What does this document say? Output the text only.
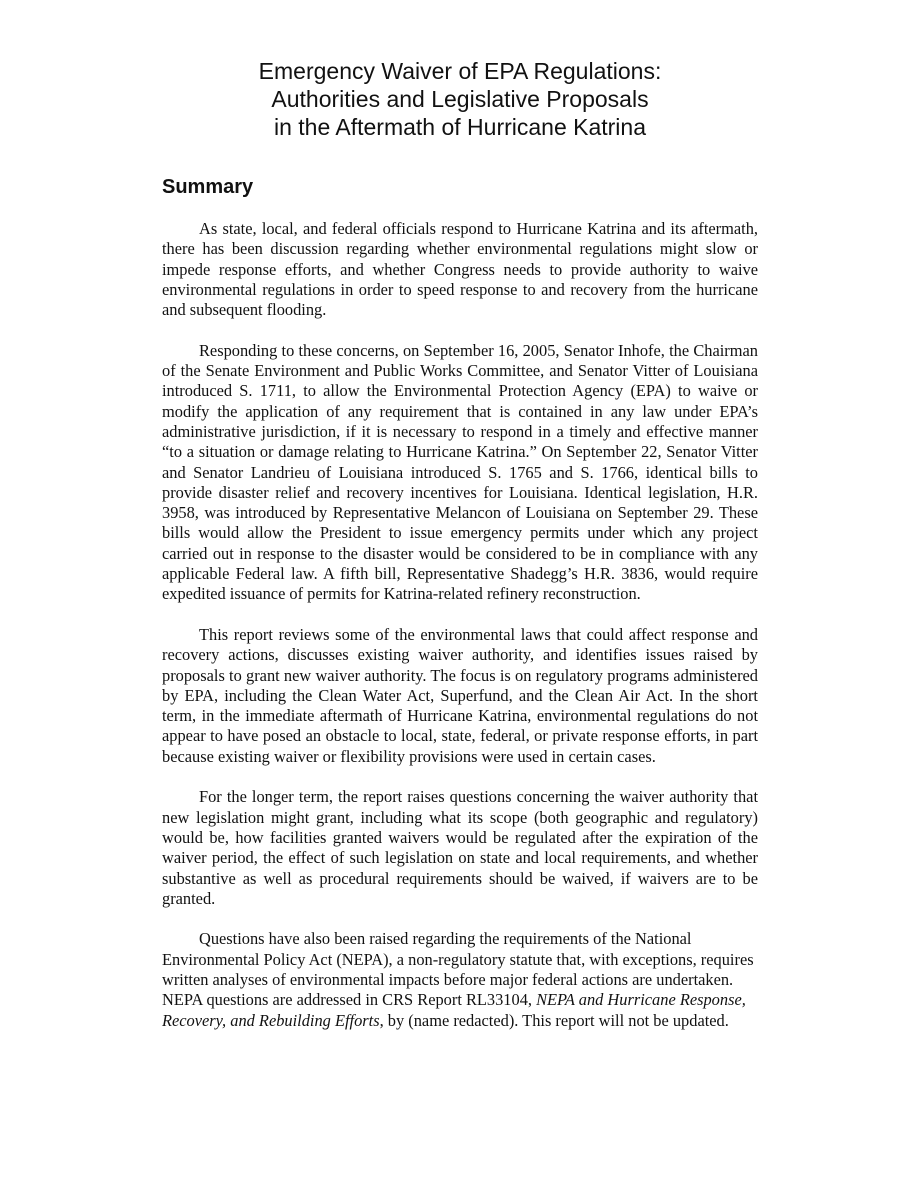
Emergency Waiver of EPA Regulations:
Authorities and Legislative Proposals
in the Aftermath of Hurricane Katrina
Summary

As state, local, and federal officials respond to Hurricane Katrina and its aftermath, there has been discussion regarding whether environmental regulations might slow or impede response efforts, and whether Congress needs to provide authority to waive environmental regulations in order to speed response to and recovery from the hurricane and subsequent flooding.

Responding to these concerns, on September 16, 2005, Senator Inhofe, the Chairman of the Senate Environment and Public Works Committee, and Senator Vitter of Louisiana introduced S. 1711, to allow the Environmental Protection Agency (EPA) to waive or modify the application of any requirement that is contained in any law under EPA’s administrative jurisdiction, if it is necessary to respond in a timely and effective manner “to a situation or damage relating to Hurricane Katrina.” On September 22, Senator Vitter and Senator Landrieu of Louisiana introduced S. 1765 and S. 1766, identical bills to provide disaster relief and recovery incentives for Louisiana. Identical legislation, H.R. 3958, was introduced by Representative Melancon of Louisiana on September 29. These bills would allow the President to issue emergency permits under which any project carried out in response to the disaster would be considered to be in compliance with any applicable Federal law. A fifth bill, Representative Shadegg’s H.R. 3836, would require expedited issuance of permits for Katrina-related refinery reconstruction.

This report reviews some of the environmental laws that could affect response and recovery actions, discusses existing waiver authority, and identifies issues raised by proposals to grant new waiver authority. The focus is on regulatory programs administered by EPA, including the Clean Water Act, Superfund, and the Clean Air Act. In the short term, in the immediate aftermath of Hurricane Katrina, environmental regulations do not appear to have posed an obstacle to local, state, federal, or private response efforts, in part because existing waiver or flexibility provisions were used in certain cases.

For the longer term, the report raises questions concerning the waiver authority that new legislation might grant, including what its scope (both geographic and regulatory) would be, how facilities granted waivers would be regulated after the expiration of the waiver period, the effect of such legislation on state and local requirements, and whether substantive as well as procedural requirements should be waived, if waivers are to be granted.

Questions have also been raised regarding the requirements of the National Environmental Policy Act (NEPA), a non-regulatory statute that, with exceptions, requires written analyses of environmental impacts before major federal actions are undertaken. NEPA questions are addressed in CRS Report RL33104, NEPA and Hurricane Response, Recovery, and Rebuilding Efforts, by (name redacted). This report will not be updated.
